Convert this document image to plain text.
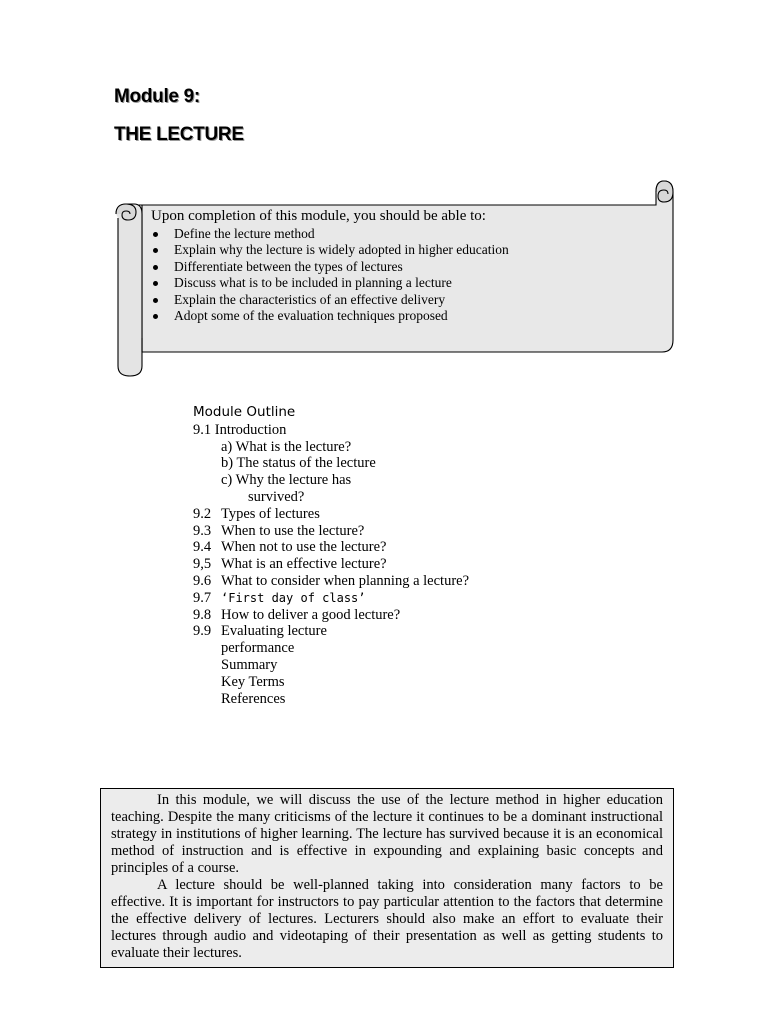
Module 9:
THE LECTURE

Upon completion of this module, you should be able to:

Define the lecture method
Explain why the lecture is widely adopted in higher education
Differentiate between the types of lectures
Discuss what is to be included in planning a lecture
Explain the characteristics of an effective delivery
Adopt some of the evaluation techniques proposed
Module Outline
9.1 Introduction
a) What is the lecture?
b) The status of the lecture
c) Why the lecture has
survived?
9.2 Types of lectures
9.3 When to use the lecture?
9.4 When not to use the lecture?
9,5 What is an effective lecture?
9.6 What to consider when planning a lecture?
9.7 ‘First day of class’
9.8 How to deliver a good lecture?
9.9 Evaluating lecture
performance
Summary
Key Terms
References

In this module, we will discuss the use of the lecture method in higher education teaching. Despite the many criticisms of the lecture it continues to be a dominant instructional strategy in institutions of higher learning. The lecture has survived because it is an economical method of instruction and is effective in expounding and explaining basic concepts and principles of a course.

A lecture should be well-planned taking into consideration many factors to be effective. It is important for instructors to pay particular attention to the factors that determine the effective delivery of lectures. Lecturers should also make an effort to evaluate their lectures through audio and videotaping of their presentation as well as getting students to evaluate their lectures.
